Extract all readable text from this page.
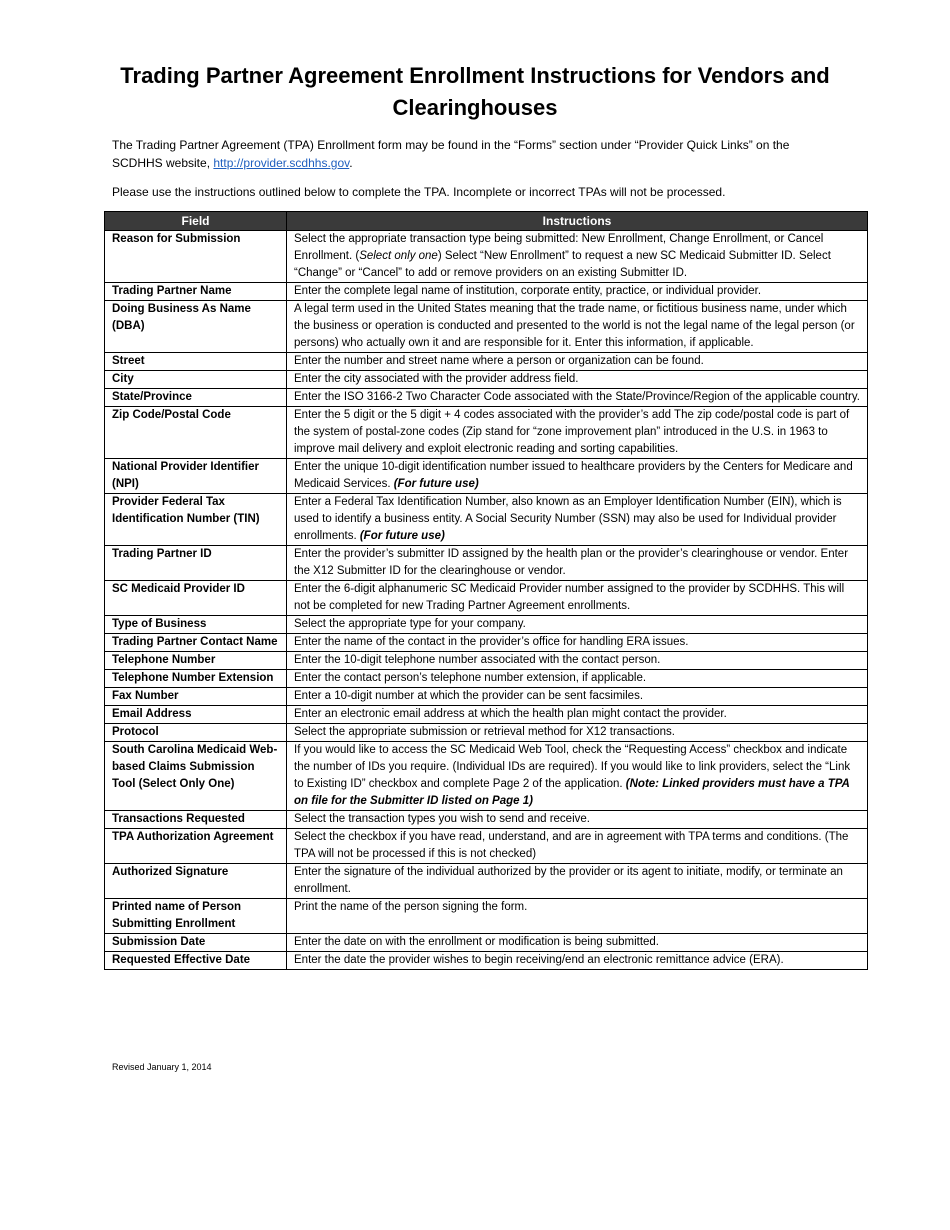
Trading Partner Agreement Enrollment Instructions for Vendors and Clearinghouses

The Trading Partner Agreement (TPA) Enrollment form may be found in the “Forms” section under “Provider Quick Links” on the SCDHHS website, http://provider.scdhhs.gov.

Please use the instructions outlined below to complete the TPA. Incomplete or incorrect TPAs will not be processed.

Field	Instructions
Reason for Submission	Select the appropriate transaction type being submitted: New Enrollment, Change Enrollment, or Cancel Enrollment. (Select only one) Select “New Enrollment” to request a new SC Medicaid Submitter ID. Select “Change” or “Cancel” to add or remove providers on an existing Submitter ID.
Trading Partner Name	Enter the complete legal name of institution, corporate entity, practice, or individual provider.
Doing Business As Name (DBA)	A legal term used in the United States meaning that the trade name, or fictitious business name, under which the business or operation is conducted and presented to the world is not the legal name of the legal person (or persons) who actually own it and are responsible for it. Enter this information, if applicable.
Street	Enter the number and street name where a person or organization can be found.
City	Enter the city associated with the provider address field.
State/Province	Enter the ISO 3166-2 Two Character Code associated with the State/Province/Region of the applicable country.
Zip Code/Postal Code	Enter the 5 digit or the 5 digit + 4 codes associated with the provider’s add The zip code/postal code is part of the system of postal-zone codes (Zip stand for “zone improvement plan” introduced in the U.S. in 1963 to improve mail delivery and exploit electronic reading and sorting capabilities.
National Provider Identifier (NPI)	Enter the unique 10-digit identification number issued to healthcare providers by the Centers for Medicare and Medicaid Services. (For future use)
Provider Federal Tax Identification Number (TIN)	Enter a Federal Tax Identification Number, also known as an Employer Identification Number (EIN), which is used to identify a business entity. A Social Security Number (SSN) may also be used for Individual provider enrollments. (For future use)
Trading Partner ID	Enter the provider’s submitter ID assigned by the health plan or the provider’s clearinghouse or vendor. Enter the X12 Submitter ID for the clearinghouse or vendor.
SC Medicaid Provider ID	Enter the 6-digit alphanumeric SC Medicaid Provider number assigned to the provider by SCDHHS. This will not be completed for new Trading Partner Agreement enrollments.
Type of Business	Select the appropriate type for your company.
Trading Partner Contact Name	Enter the name of the contact in the provider’s office for handling ERA issues.
Telephone Number	Enter the 10-digit telephone number associated with the contact person.
Telephone Number Extension	Enter the contact person’s telephone number extension, if applicable.
Fax Number	Enter a 10-digit number at which the provider can be sent facsimiles.
Email Address	Enter an electronic email address at which the health plan might contact the provider.
Protocol	Select the appropriate submission or retrieval method for X12 transactions.
South Carolina Medicaid Web-based Claims Submission Tool (Select Only One)	If you would like to access the SC Medicaid Web Tool, check the “Requesting Access” checkbox and indicate the number of IDs you require. (Individual IDs are required). If you would like to link providers, select the “Link to Existing ID” checkbox and complete Page 2 of the application. (Note: Linked providers must have a TPA on file for the Submitter ID listed on Page 1)
Transactions Requested	Select the transaction types you wish to send and receive.
TPA Authorization Agreement	Select the checkbox if you have read, understand, and are in agreement with TPA terms and conditions. (The TPA will not be processed if this is not checked)
Authorized Signature	Enter the signature of the individual authorized by the provider or its agent to initiate, modify, or terminate an enrollment.
Printed name of Person Submitting Enrollment	Print the name of the person signing the form.
Submission Date	Enter the date on with the enrollment or modification is being submitted.
Requested Effective Date	Enter the date the provider wishes to begin receiving/end an electronic remittance advice (ERA).

Revised January 1, 2014
